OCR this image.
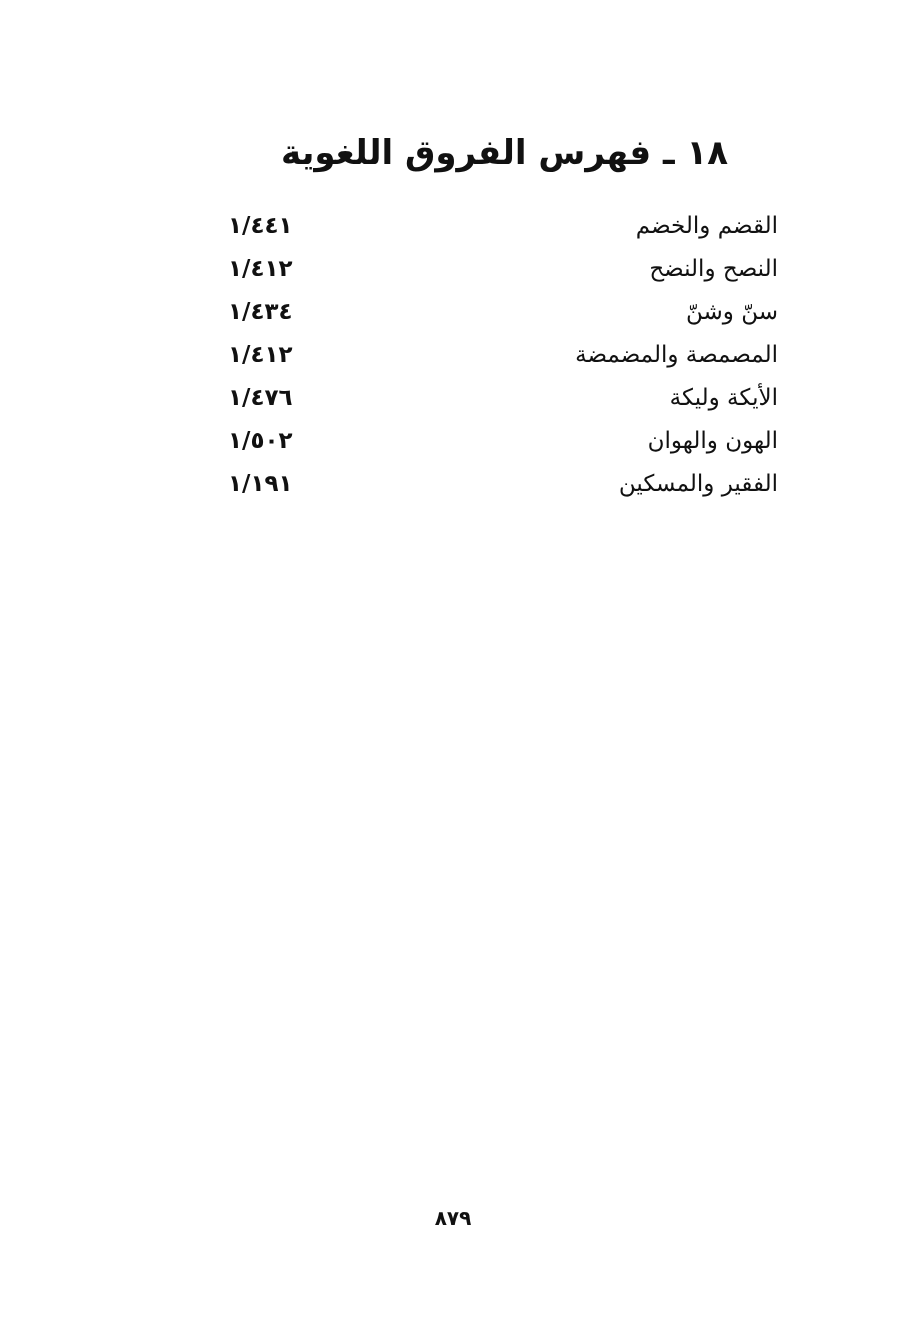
١٨ ـ فهرس الفروق اللغوية
القضم والخضم
١/٤٤١
النصح والنضح
١/٤١٢
سنّ وشنّ
١/٤٣٤
المصمصة والمضمضة
١/٤١٢
الأيكة وليكة
١/٤٧٦
الهون والهوان
١/٥٠٢
الفقير والمسكين
١/١٩١
٨٧٩
